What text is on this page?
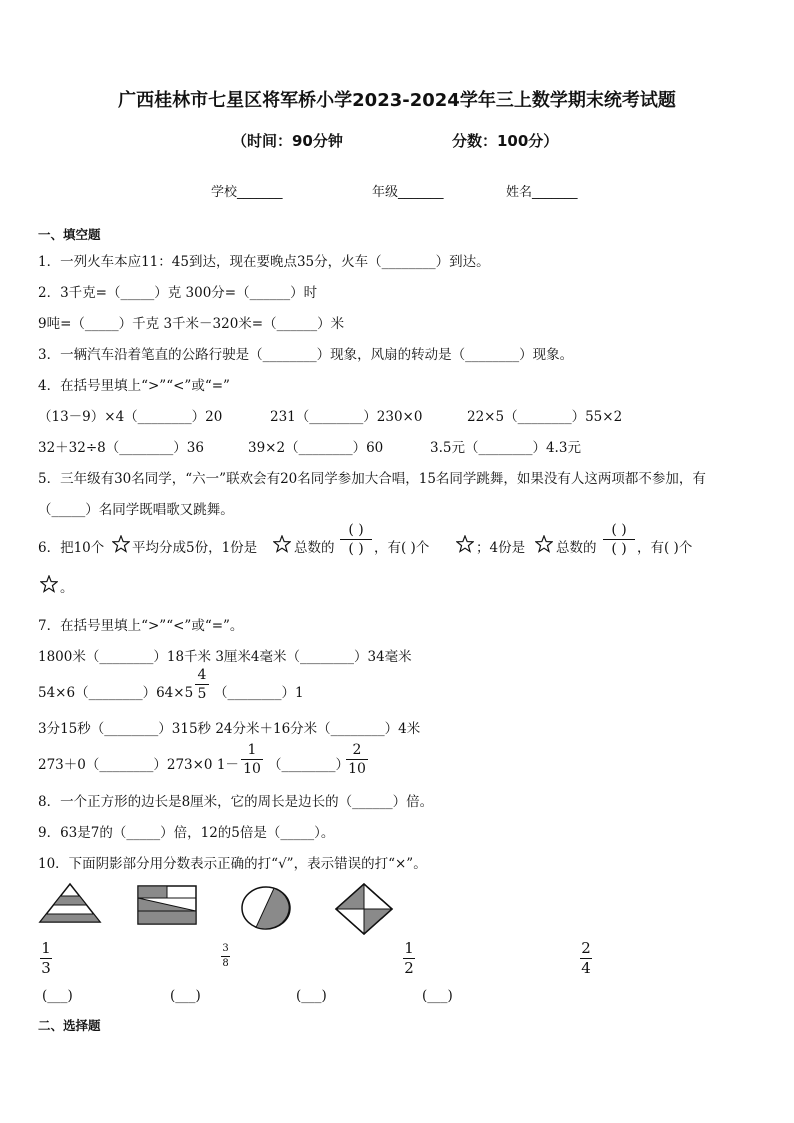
广西桂林市七星区将军桥小学2023-2024学年三上数学期末统考试题
（时间：90分钟	分数：100分）
学校_______	年级_______	姓名_______
一、填空题
1．一列火车本应11：45到达，现在要晚点35分，火车（________）到达。
2．3千克=（_____）克 300分=（______）时
9吨=（_____）千克 3千米－320米=（______）米
3．一辆汽车沿着笔直的公路行驶是（________）现象，风扇的转动是（________）现象。
4．在括号里填上“>”“<”或“=”
（13－9）×4（________）20	231（________）230×0	22×5（________）55×2
32＋32÷8（________）36	39×2（________）60	3.5元（________）4.3元
5．三年级有30名同学，“六一”联欢会有20名同学参加大合唱，15名同学跳舞，如果没有人这两项都不参加，有
（_____）名同学既唱歌又跳舞。
6．把10个 平均分成5份，1份是	总数的
( )
( ) ，有( )个	；4份是 总数的
( )
( ) ，有( )个
。
7．在括号里填上“>”“<”或“=”。
1800米（________）18千米 3厘米4毫米（________）34毫米
54×6（________）64×5
4
5 （________）1
3分15秒（________）315秒 24分米＋16分米（________）4米
273＋0（________）273×0 1－
1
10 （________）
2
10
8．一个正方形的边长是8厘米，它的周长是边长的（______）倍。
9．63是7的（_____）倍，12的5倍是（_____）。
10．下面阴影部分用分数表示正确的打“√”，表示错误的打“×”。
1
3
3
8
1
2
2
4
(___)	(___)	(___)	(___)
二、选择题
